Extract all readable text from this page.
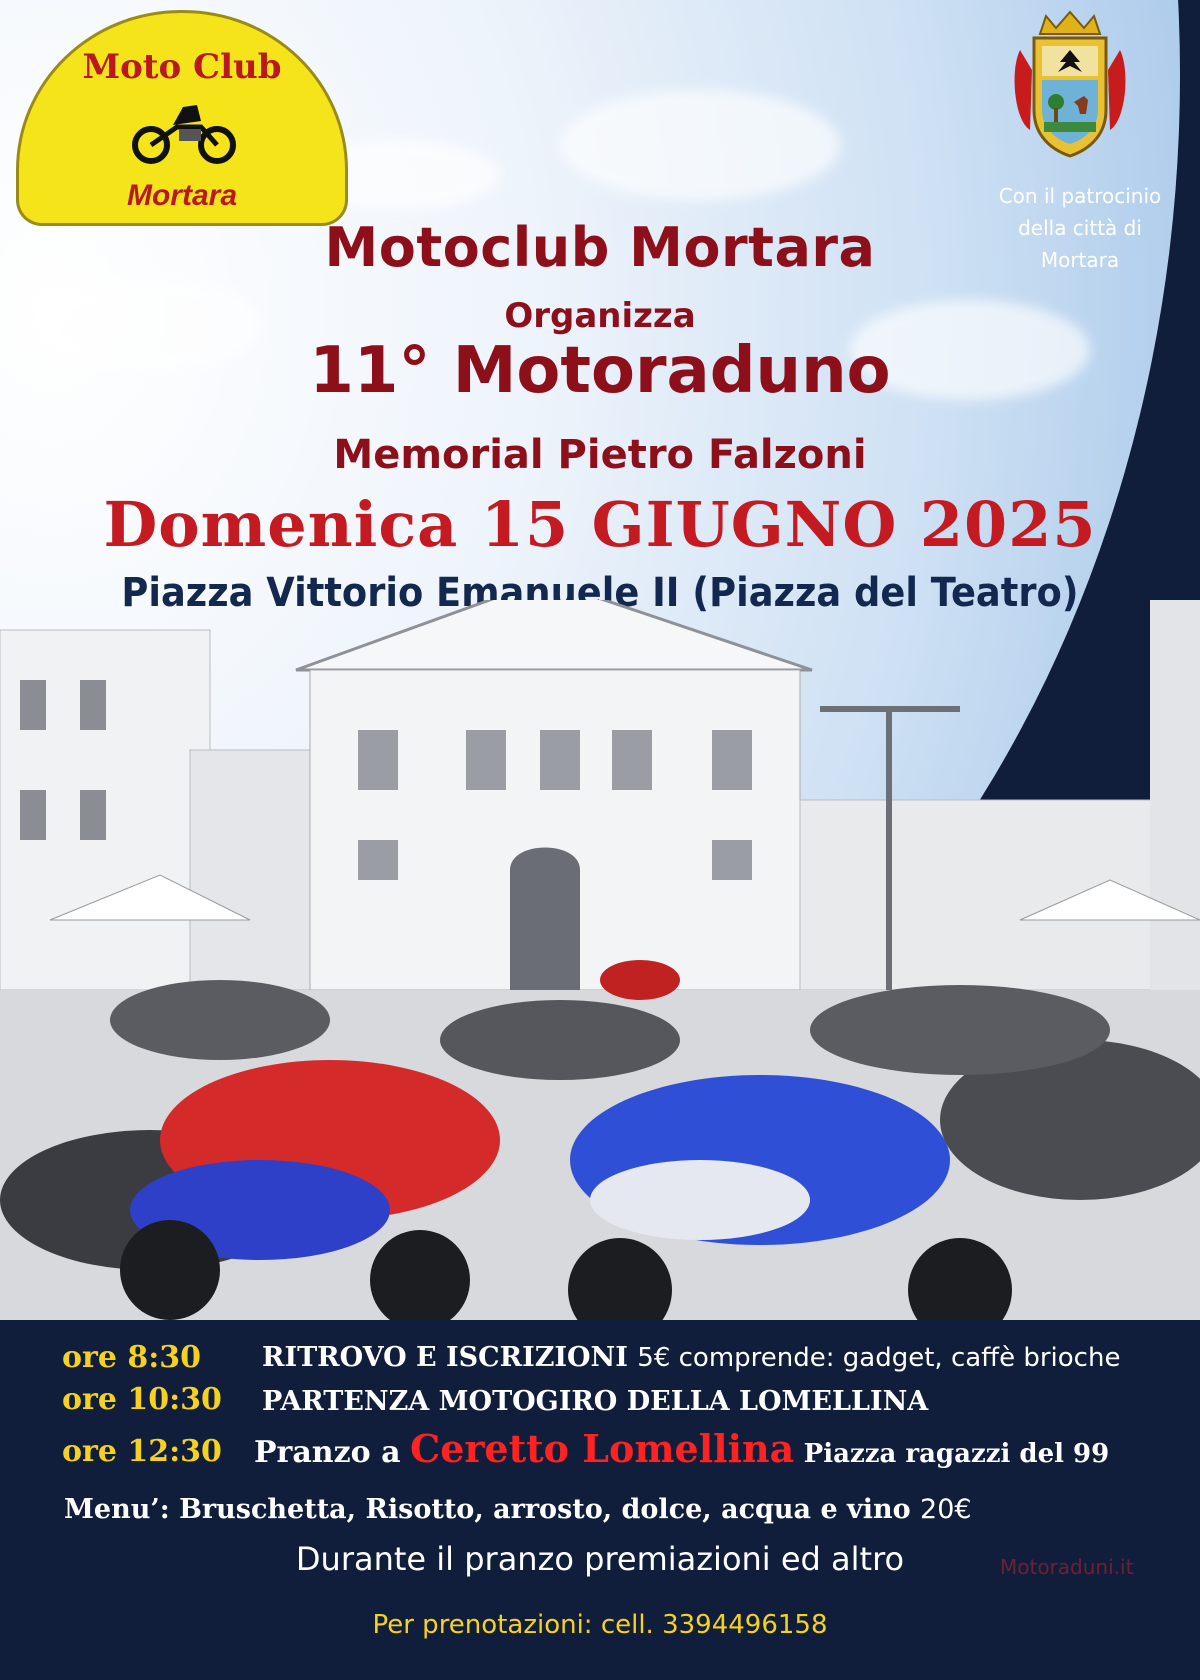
Moto Club
Mortara	Con il patrocinio
della città di
Mortara
Motoclub Mortara
Organizza
11° Motoraduno
Memorial Pietro Falzoni
Domenica 15 GIUGNO 2025
Piazza Vittorio Emanuele II (Piazza del Teatro)
ore 8:30 RITROVO E ISCRIZIONI 5€ comprende: gadget, caffè brioche
ore 10:30 PARTENZA MOTOGIRO DELLA LOMELLINA
ore 12:30 Pranzo a Ceretto Lomellina Piazza ragazzi del 99
Menu’: Bruschetta, Risotto, arrosto, dolce, acqua e vino 20€
Durante il pranzo premiazioni ed altro	Motoraduni.it
Per prenotazioni: cell. 3394496158
